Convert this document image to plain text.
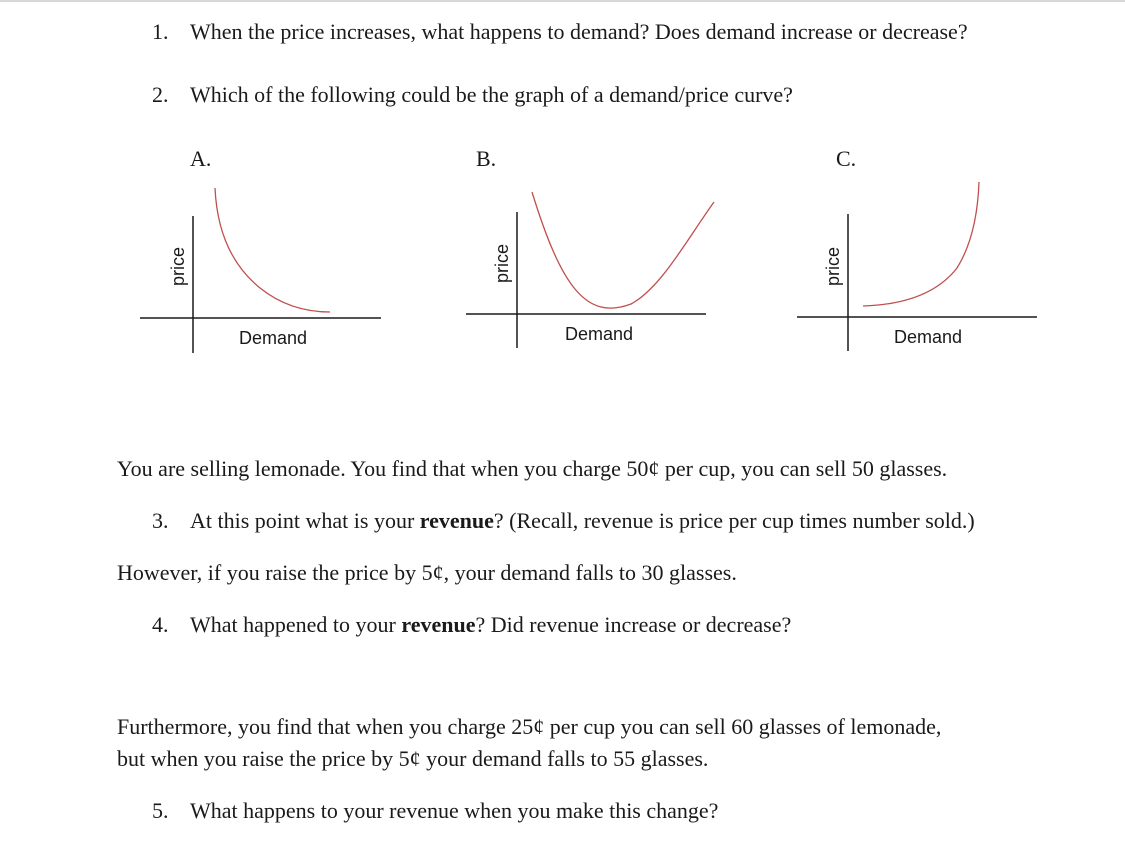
1. When the price increases, what happens to demand? Does demand increase or decrease?
2. Which of the following could be the graph of a demand/price curve?
A.	B.	C.
price
Demand
price
Demand
price
Demand
You are selling lemonade. You find that when you charge 50¢ per cup, you can sell 50 glasses.
3. At this point what is your revenue? (Recall, revenue is price per cup times number sold.)
However, if you raise the price by 5¢, your demand falls to 30 glasses.
4. What happened to your revenue? Did revenue increase or decrease?
Furthermore, you find that when you charge 25¢ per cup you can sell 60 glasses of lemonade,
but when you raise the price by 5¢ your demand falls to 55 glasses.
5. What happens to your revenue when you make this change?
